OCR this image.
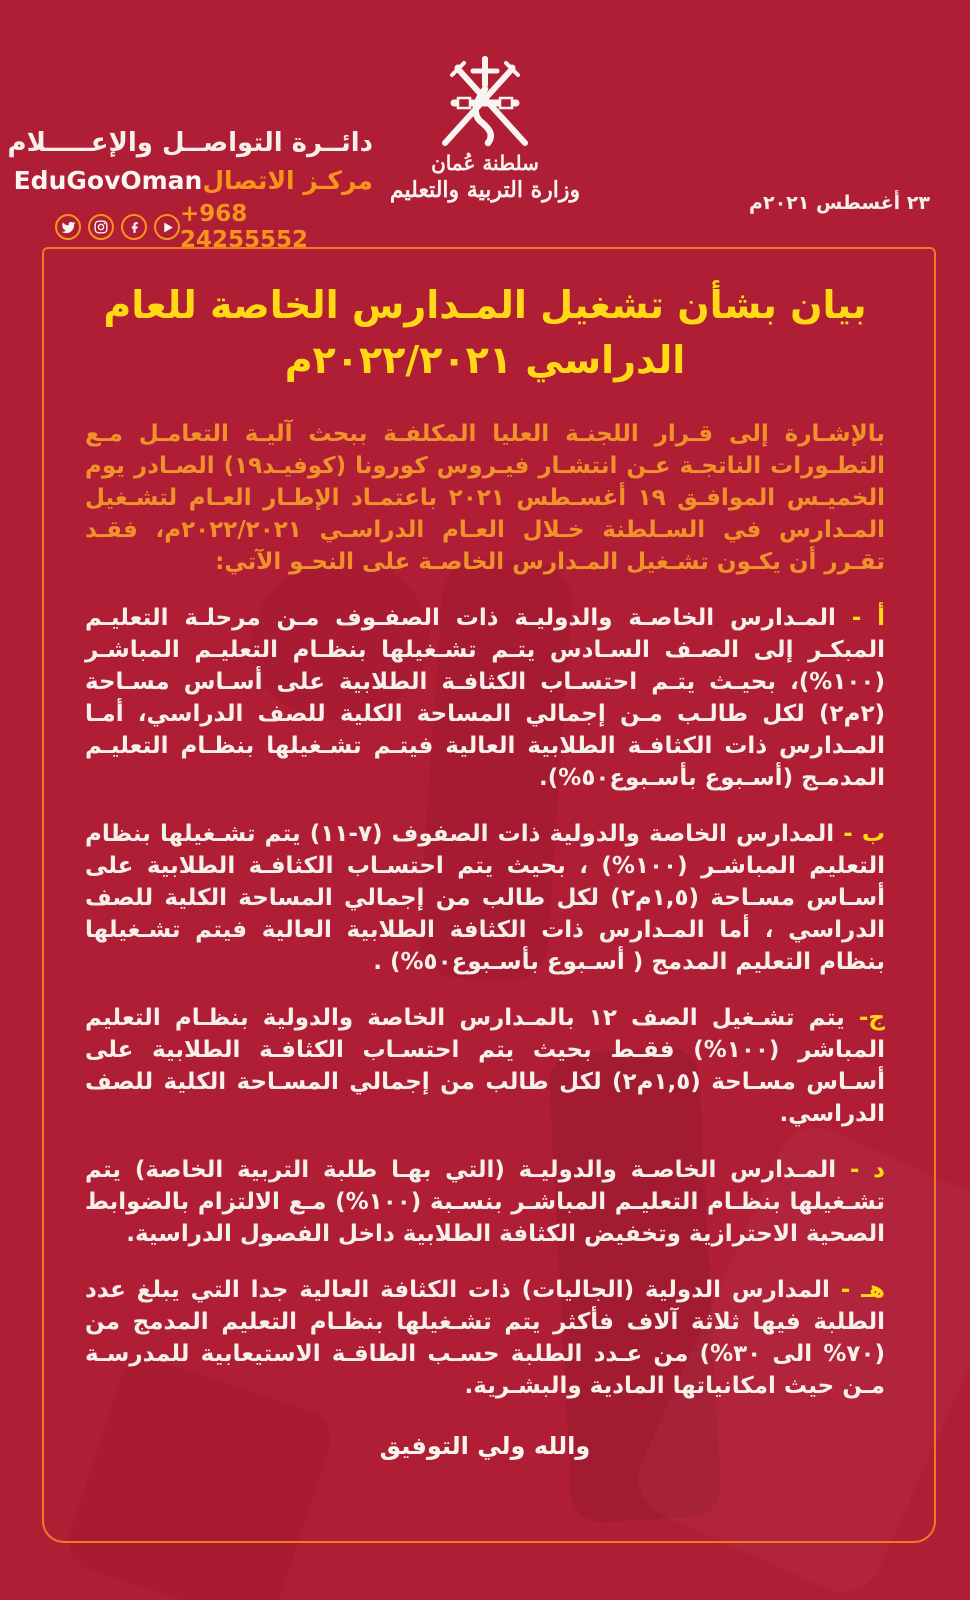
دائــرة التواصــل والإعـــــلام
مركـز الاتصال
EduGovOman
+968 24255552
سلطنة عُمان
وزارة التربية والتعليم	٢٣ أغسطس ٢٠٢١م
بيان بشأن تشغيل المـدارس الخاصة للعام
الدراسي ٢٠٢٢/٢٠٢١م

بالإشـارة إلى قـرار اللجنـة العليا المكلفـة ببحث آليـة التعامـل مـع التطـورات الناتجـة عـن انتشـار فيـروس كورونا (كوفيـد١٩) الصـادر يوم الخميـس الموافـق ١٩ أغسـطس ٢٠٢١ باعتمـاد الإطـار العـام لتشـغيل المـدارس في السـلطنة خـلال العـام الدراسـي ٢٠٢٢/٢٠٢١م، فقـد تقـرر أن يكـون تشـغيل المـدارس الخاصـة على النحـو الآتي:

أ - المـدارس الخاصـة والدوليـة ذات الصفـوف مـن مرحلـة التعليـم المبكـر إلى الصـف السـادس يتـم تشـغيلها بنظـام التعليـم المباشـر (١٠٠%)، بحيـث يتـم احتسـاب الكثافـة الطلابية على أسـاس مسـاحة (٢م٢) لكل طالـب مـن إجمالي المساحة الكلية للصف الدراسي، أمـا المـدارس ذات الكثافـة الطلابية العالية فيتـم تشـغيلها بنظـام التعليـم المدمـج (أسـبوع بأسـبوع٥٠%).

ب - المدارس الخاصة والدولية ذات الصفوف (٧-١١) يتم تشـغيلها بنظام التعليم المباشـر (١٠٠%) ، بحيث يتم احتسـاب الكثافـة الطلابية على أسـاس مسـاحة (١,٥م٢) لكل طالب من إجمالي المساحة الكلية للصف الدراسي ، أما المـدارس ذات الكثافة الطلابية العالية فيتم تشـغيلها بنظام التعليم المدمج ( أسـبوع بأسـبوع٥٠%) .

ج- يتم تشـغيل الصف ١٢ بالمـدارس الخاصة والدولية بنظـام التعليم المباشر (١٠٠%) فقـط بحيث يتم احتسـاب الكثافـة الطلابية على أسـاس مسـاحة (١,٥م٢) لكل طالب من إجمالي المسـاحة الكلية للصف الدراسي.

د - المـدارس الخاصـة والدوليـة (التي بهـا طلبة التربية الخاصة) يتم تشـغيلها بنظـام التعليـم المباشـر بنسـبة (١٠٠%) مـع الالتزام بالضوابط الصحية الاحترازية وتخفيض الكثافة الطلابية داخل الفصول الدراسية.

هـ - المدارس الدولية (الجاليات) ذات الكثافة العالية جدا التي يبلغ عدد الطلبة فيها ثلاثة آلاف فأكثر يتم تشـغيلها بنظـام التعليم المدمج من (٧٠% الى ٣٠%) من عـدد الطلبة حسـب الطاقـة الاستيعابية للمدرسـة مـن حيث امكانياتها المادية والبشـرية.

والله ولي التوفيق
